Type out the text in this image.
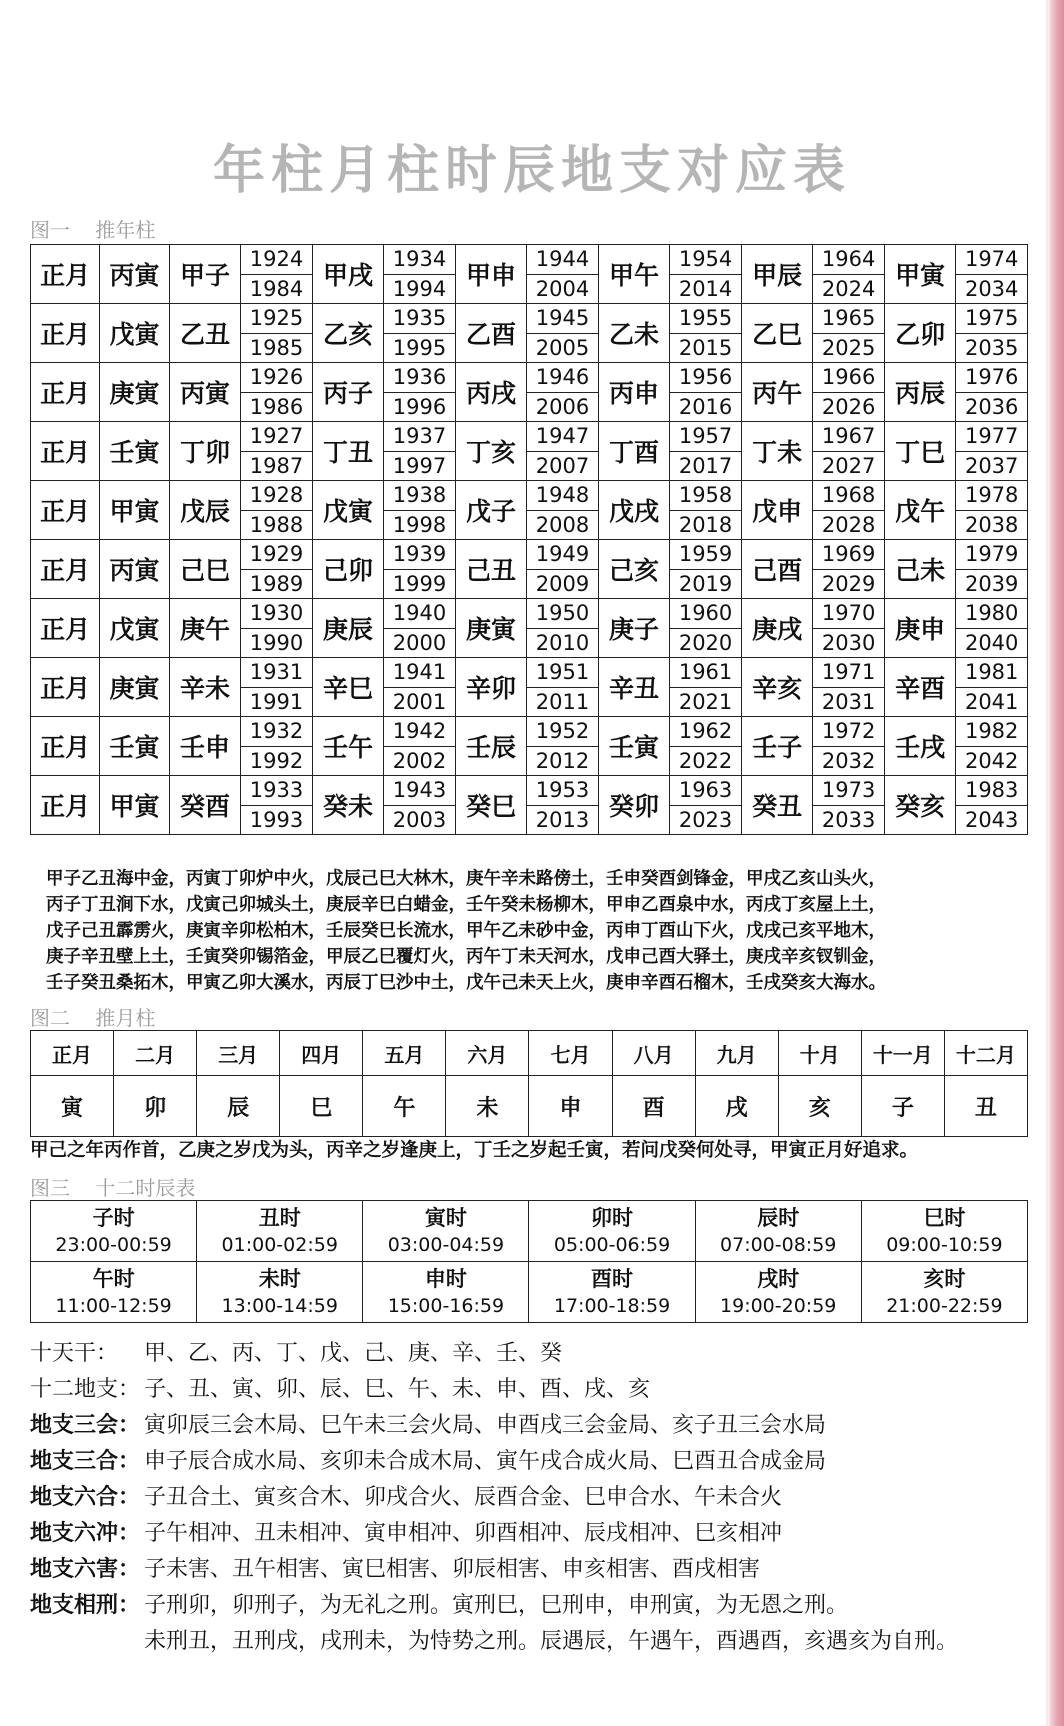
年柱月柱时辰地支对应表
图一    推年柱
正月	丙寅	甲子	1924	甲戌	1934	甲申	1944	甲午	1954	甲辰	1964	甲寅	1974
			1984		1994		2004		2014		2024		2034
正月	戊寅	乙丑	1925	乙亥	1935	乙酉	1945	乙未	1955	乙巳	1965	乙卯	1975
			1985		1995		2005		2015		2025		2035
正月	庚寅	丙寅	1926	丙子	1936	丙戌	1946	丙申	1956	丙午	1966	丙辰	1976
			1986		1996		2006		2016		2026		2036
正月	壬寅	丁卯	1927	丁丑	1937	丁亥	1947	丁酉	1957	丁未	1967	丁巳	1977
			1987		1997		2007		2017		2027		2037
正月	甲寅	戊辰	1928	戊寅	1938	戊子	1948	戊戌	1958	戊申	1968	戊午	1978
			1988		1998		2008		2018		2028		2038
正月	丙寅	己巳	1929	己卯	1939	己丑	1949	己亥	1959	己酉	1969	己未	1979
			1989		1999		2009		2019		2029		2039
正月	戊寅	庚午	1930	庚辰	1940	庚寅	1950	庚子	1960	庚戌	1970	庚申	1980
			1990		2000		2010		2020		2030		2040
正月	庚寅	辛未	1931	辛巳	1941	辛卯	1951	辛丑	1961	辛亥	1971	辛酉	1981
			1991		2001		2011		2021		2031		2041
正月	壬寅	壬申	1932	壬午	1942	壬辰	1952	壬寅	1962	壬子	1972	壬戌	1982
			1992		2002		2012		2022		2032		2042
正月	甲寅	癸酉	1933	癸未	1943	癸巳	1953	癸卯	1963	癸丑	1973	癸亥	1983
			1993		2003		2013		2023		2033		2043
甲子乙丑海中金，丙寅丁卯炉中火，戊辰己巳大林木，庚午辛未路傍土，壬申癸酉剑锋金，甲戌乙亥山头火，
丙子丁丑涧下水，戊寅己卯城头土，庚辰辛巳白蜡金，壬午癸未杨柳木，甲申乙酉泉中水，丙戌丁亥屋上土，
戊子己丑霹雳火，庚寅辛卯松柏木，壬辰癸巳长流水，甲午乙未砂中金，丙申丁酉山下火，戊戌己亥平地木，
庚子辛丑壁上土，壬寅癸卯锡箔金，甲辰乙巳覆灯火，丙午丁未天河水，戊申己酉大驿土，庚戌辛亥钗钏金，
壬子癸丑桑拓木，甲寅乙卯大溪水，丙辰丁巳沙中土，戊午己未天上火，庚申辛酉石榴木，壬戌癸亥大海水。
图二    推月柱
正月	二月	三月	四月	五月	六月	七月	八月	九月	十月	十一月	十二月
寅	卯	辰	巳	午	未	申	酉	戌	亥	子	丑
甲己之年丙作首，乙庚之岁戊为头，丙辛之岁逢庚上，丁壬之岁起壬寅，若问戊癸何处寻，甲寅正月好追求。
图三    十二时辰表
子时
23:00-00:59	丑时
01:00-02:59	寅时
03:00-04:59	卯时
05:00-06:59	辰时
07:00-08:59	巳时
09:00-10:59

午时
11:00-12:59	未时
13:00-14:59	申时
15:00-16:59	酉时
17:00-18:59	戌时
19:00-20:59	亥时
21:00-22:59
十天干： 甲、乙、丙、丁、戊、己、庚、辛、壬、癸
十二地支： 子、丑、寅、卯、辰、巳、午、未、申、酉、戌、亥
地支三会： 寅卯辰三会木局、巳午未三会火局、申酉戌三会金局、亥子丑三会水局
地支三合： 申子辰合成水局、亥卯未合成木局、寅午戌合成火局、巳酉丑合成金局
地支六合： 子丑合土、寅亥合木、卯戌合火、辰酉合金、巳申合水、午未合火
地支六冲： 子午相冲、丑未相冲、寅申相冲、卯酉相冲、辰戌相冲、巳亥相冲
地支六害： 子未害、丑午相害、寅巳相害、卯辰相害、申亥相害、酉戌相害
地支相刑： 子刑卯，卯刑子，为无礼之刑。寅刑巳，巳刑申，申刑寅，为无恩之刑。
未刑丑，丑刑戌，戌刑未，为恃势之刑。辰遇辰，午遇午，酉遇酉，亥遇亥为自刑。
